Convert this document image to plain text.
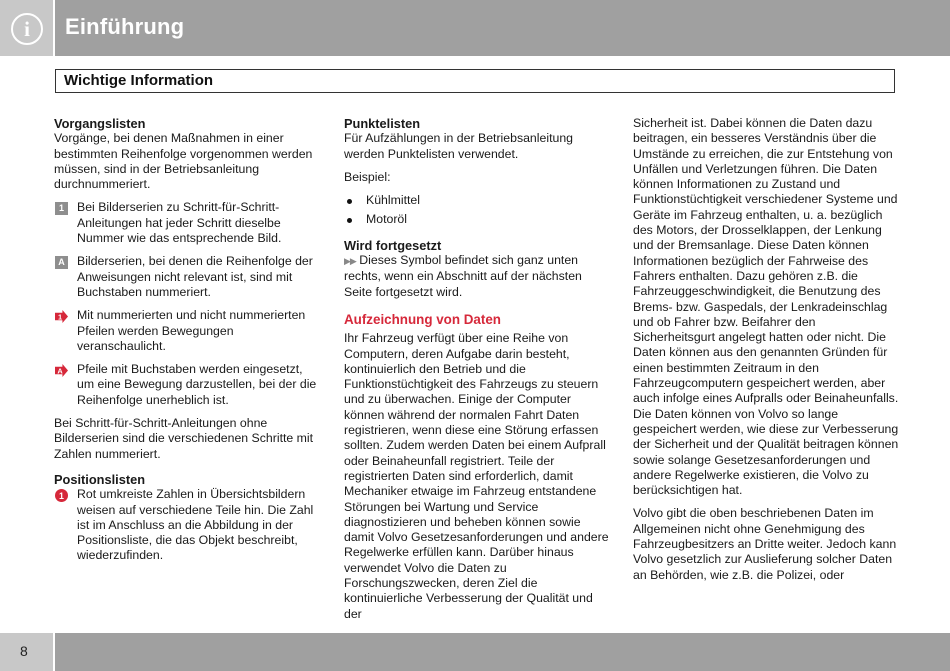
i	Einführung
Wichtige Information

Vorgangslisten

Vorgänge, bei denen Maßnahmen in einer bestimmten Reihenfolge vorgenommen werden müssen, sind in der Betriebsanleitung durchnummeriert.

1	Bei Bilderserien zu Schritt-für-Schritt-Anleitungen hat jeder Schritt dieselbe Nummer wie das entsprechende Bild.
A Bilderserien, bei denen die Reihenfolge der Anweisungen nicht relevant ist, sind mit Buchstaben nummeriert.
1 Mit nummerierten und nicht nummerierten Pfeilen werden Bewegungen veranschaulicht.
A Pfeile mit Buchstaben werden eingesetzt, um eine Bewegung darzustellen, bei der die Reihenfolge unerheblich ist.

Bei Schritt-für-Schritt-Anleitungen ohne Bilderserien sind die verschiedenen Schritte mit Zahlen nummeriert.

Positionslisten

1 Rot umkreiste Zahlen in Übersichtsbildern weisen auf verschiedene Teile hin. Die Zahl ist im Anschluss an die Abbildung in der Positionsliste, die das Objekt beschreibt, wiederzufinden.

Punktelisten

Für Aufzählungen in der Betriebsanleitung werden Punktelisten verwendet.

Beispiel:

Kühlmittel
Motoröl

Wird fortgesetzt

▶▶ Dieses Symbol befindet sich ganz unten rechts, wenn ein Abschnitt auf der nächsten Seite fortgesetzt wird.

Aufzeichnung von Daten

Ihr Fahrzeug verfügt über eine Reihe von Computern, deren Aufgabe darin besteht, kontinuierlich den Betrieb und die Funktionstüchtigkeit des Fahrzeugs zu steuern und zu überwachen. Einige der Computer können während der normalen Fahrt Daten registrieren, wenn diese eine Störung erfassen sollten. Zudem werden Daten bei einem Aufprall oder Beinaheunfall registriert. Teile der registrierten Daten sind erforderlich, damit Mechaniker etwaige im Fahrzeug entstandene Störungen bei Wartung und Service diagnostizieren und beheben können sowie damit Volvo Gesetzesanforderungen und andere Regelwerke erfüllen kann. Darüber hinaus verwendet Volvo die Daten zu Forschungszwecken, deren Ziel die kontinuierliche Verbesserung der Qualität und der

Sicherheit ist. Dabei können die Daten dazu beitragen, ein besseres Verständnis über die Umstände zu erreichen, die zur Entstehung von Unfällen und Verletzungen führen. Die Daten können Informationen zu Zustand und Funktionstüchtigkeit verschiedener Systeme und Geräte im Fahrzeug enthalten, u. a. bezüglich des Motors, der Drosselklappen, der Lenkung und der Bremsanlage. Diese Daten können Informationen bezüglich der Fahrweise des Fahrers enthalten. Dazu gehören z.B. die Fahrzeuggeschwindigkeit, die Benutzung des Brems- bzw. Gaspedals, der Lenkradeinschlag und ob Fahrer bzw. Beifahrer den Sicherheitsgurt angelegt hatten oder nicht. Die Daten können aus den genannten Gründen für einen bestimmten Zeitraum in den Fahrzeugcomputern gespeichert werden, aber auch infolge eines Aufpralls oder Beinaheunfalls. Die Daten können von Volvo so lange gespeichert werden, wie diese zur Verbesserung der Sicherheit und der Qualität beitragen können sowie solange Gesetzesanforderungen und andere Regelwerke existieren, die Volvo zu berücksichtigen hat.

Volvo gibt die oben beschriebenen Daten im Allgemeinen nicht ohne Genehmigung des Fahrzeugbesitzers an Dritte weiter. Jedoch kann Volvo gesetzlich zur Auslieferung solcher Daten an Behörden, wie z.B. die Polizei, oder

8
